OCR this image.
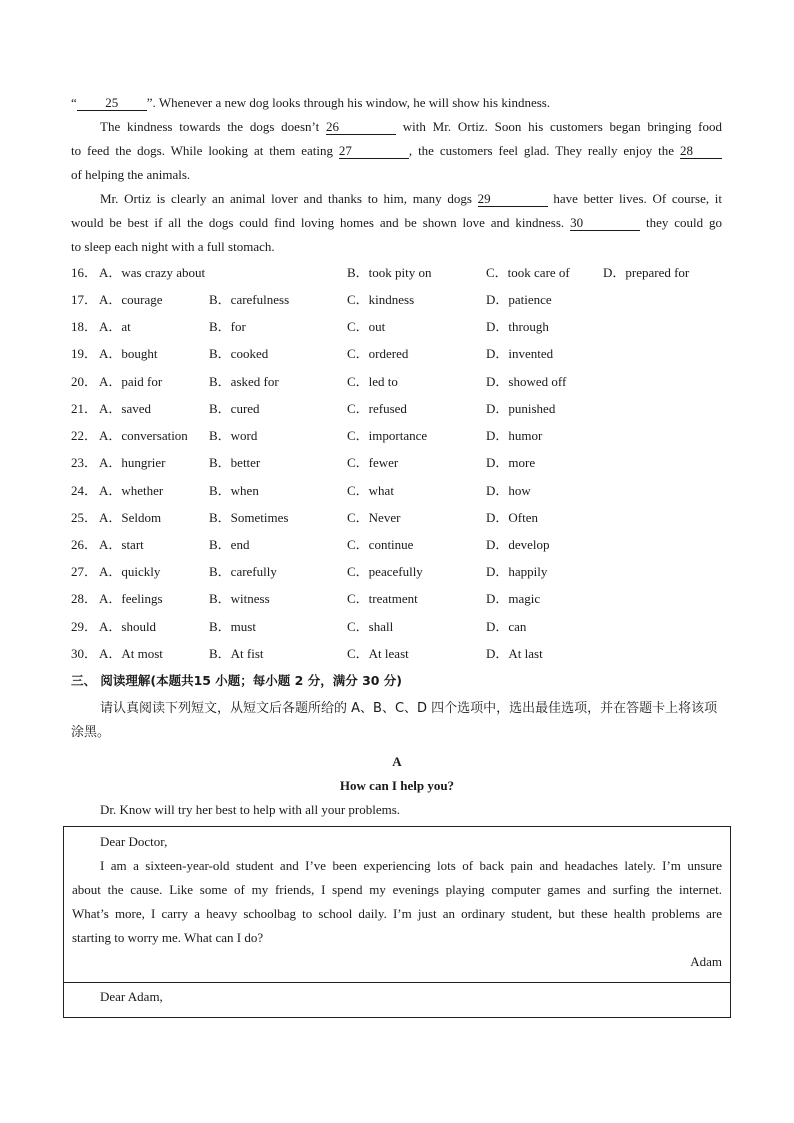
“ 25 ”. Whenever a new dog looks through his window, he will show his kindness.
The kindness towards the dogs doesn’t 26	with Mr. Ortiz. Soon his customers began bringing food
to feed the dogs. While looking at them eating 27	, the customers feel glad. They really enjoy the 28
of helping the animals.
Mr. Ortiz is clearly an animal lover and thanks to him, many dogs 29	have better lives. Of course, it
would be best if all the dogs could find loving homes and be shown love and kindness. 30	they could go
to sleep each night with a full stomach.
16． A．was crazy about	B．took pity on	C．took care of	D．prepared for
17． A．courage	B．carefulness	C．kindness	D．patience
18． A．at	B．for	C．out	D．through
19． A．bought	B．cooked	C．ordered	D．invented
20． A．paid for	B．asked for	C．led to	D．showed off
21． A．saved	B．cured	C．refused	D．punished
22． A．conversation B．word	C．importance	D．humor
23． A．hungrier	B．better	C．fewer	D．more
24． A．whether	B．when	C．what	D．how
25． A．Seldom	B．Sometimes	C．Never	D．Often
26． A．start	B．end	C．continue	D．develop
27． A．quickly	B．carefully	C．peacefully	D．happily
28． A．feelings	B．witness	C．treatment	D．magic
29． A．should	B．must	C．shall	D．can
30． A．At most	B．At fist	C．At least	D．At last
三、 阅读理解(本题共15 小题；每小题 2 分，满分 30 分)
请认真阅读下列短文，从短文后各题所给的 A、B、C、D 四个选项中，选出最佳选项，并在答题卡上将该项涂黑。
A
How can I help you?
Dr. Know will try her best to help with all your problems.
Dear Doctor,
I am a sixteen-year-old student and I’ve been experiencing lots of back pain and headaches lately. I’m unsure
about the cause. Like some of my friends, I spend my evenings playing computer games and surfing the internet.
What’s more, I carry a heavy schoolbag to school daily. I’m just an ordinary student, but these health problems are
starting to worry me. What can I do?
Adam
Dear Adam,
